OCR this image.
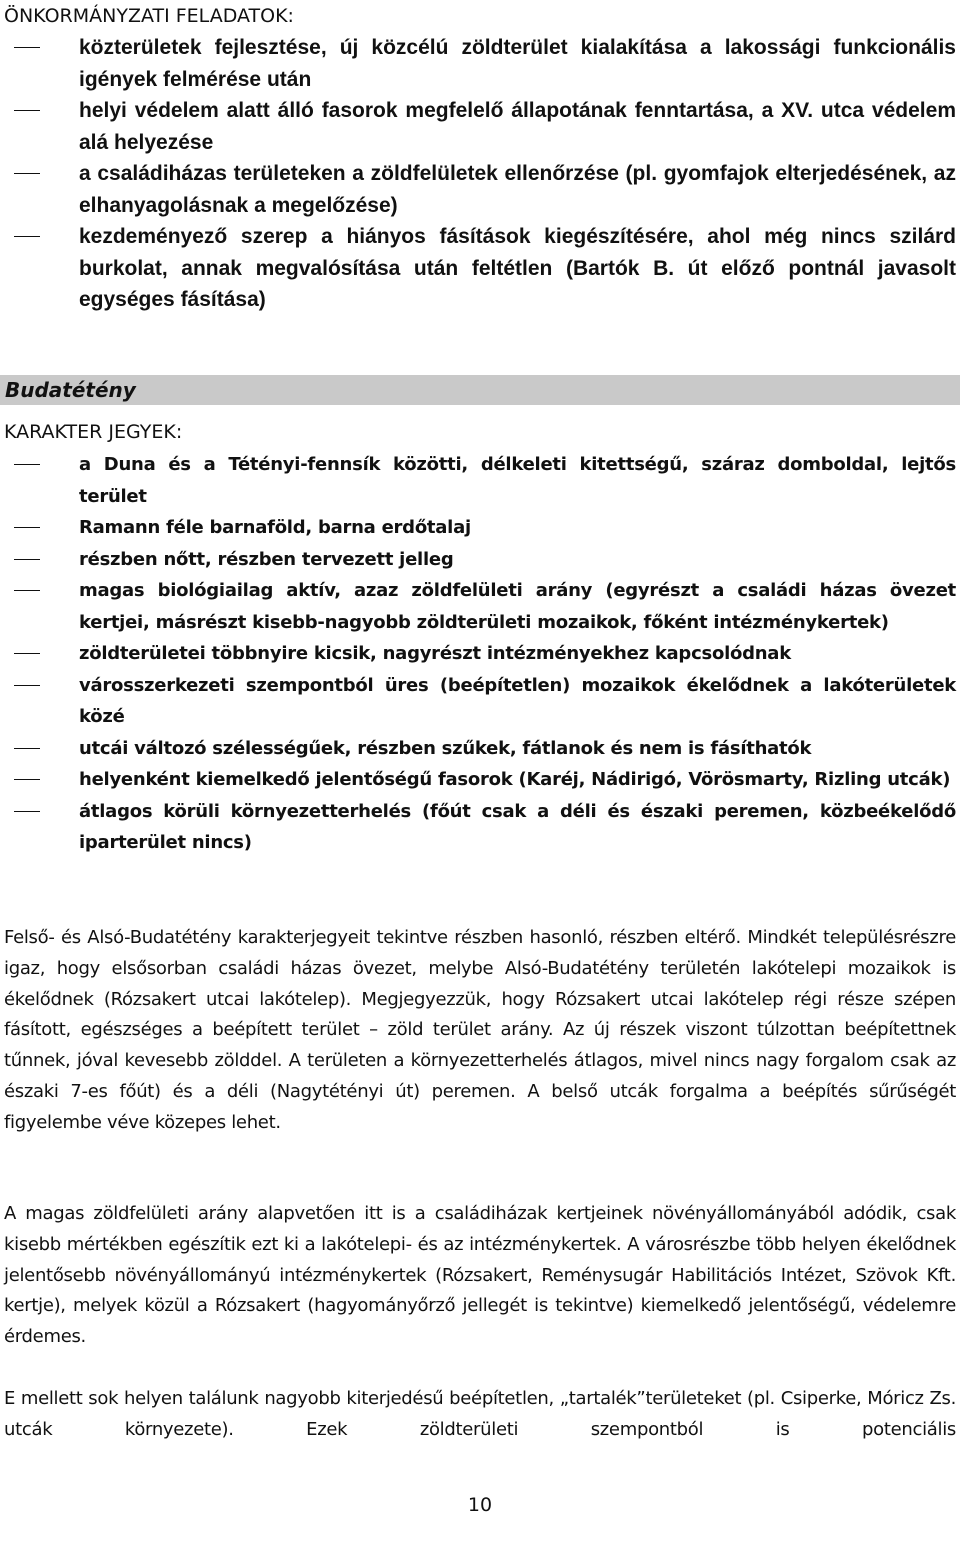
ÖNKORMÁNYZATI FELADATOK:

közterületek fejlesztése, új közcélú zöldterület kialakítása a lakossági funkcionális igények felmérése után
helyi védelem alatt álló fasorok megfelelő állapotának fenntartása, a XV. utca védelem alá helyezése
a családiházas területeken a zöldfelületek ellenőrzése (pl. gyomfajok elterjedésének, az elhanyagolásnak a megelőzése)
kezdeményező szerep a hiányos fásítások kiegészítésére, ahol még nincs szilárd burkolat, annak megvalósítása után feltétlen (Bartók B. út előző pontnál javasolt egységes fásítása)

Budatétény

KARAKTER JEGYEK:

a Duna és a Tétényi-fennsík közötti, délkeleti kitettségű, száraz domboldal, lejtős terület
Ramann féle barnaföld, barna erdőtalaj
részben nőtt, részben tervezett jelleg
magas biológiailag aktív, azaz zöldfelületi arány (egyrészt a családi házas övezet kertjei, másrészt kisebb-nagyobb zöldterületi mozaikok, főként intézménykertek)
zöldterületei többnyire kicsik, nagyrészt intézményekhez kapcsolódnak
városszerkezeti szempontból üres (beépítetlen) mozaikok ékelődnek a lakóterületek közé
utcái változó szélességűek, részben szűkek, fátlanok és nem is fásíthatók
helyenként kiemelkedő jelentőségű fasorok (Karéj, Nádirigó, Vörösmarty, Rizling utcák)
átlagos körüli környezetterhelés (főút csak a déli és északi peremen, közbeékelődő iparterület nincs)

Felső- és Alsó-Budatétény karakterjegyeit tekintve részben hasonló, részben eltérő. Mindkét településrészre igaz, hogy elsősorban családi házas övezet, melybe Alsó-Budatétény területén lakótelepi mozaikok is ékelődnek (Rózsakert utcai lakótelep). Megjegyezzük, hogy Rózsakert utcai lakótelep régi része szépen fásított, egészséges a beépített terület – zöld terület arány. Az új részek viszont túlzottan beépítettnek tűnnek, jóval kevesebb zölddel. A területen a környezetterhelés átlagos, mivel nincs nagy forgalom csak az északi 7-es főút) és a déli (Nagytétényi út) peremen. A belső utcák forgalma a beépítés sűrűségét figyelembe véve közepes lehet.

A magas zöldfelületi arány alapvetően itt is a családiházak kertjeinek növényállományából adódik, csak kisebb mértékben egészítik ezt ki a lakótelepi- és az intézménykertek. A városrészbe több helyen ékelődnek jelentősebb növényállományú intézménykertek (Rózsakert, Reménysugár Habilitációs Intézet, Szövok Kft. kertje), melyek közül a Rózsakert (hagyományőrző jellegét is tekintve) kiemelkedő jelentőségű, védelemre érdemes.

E mellett sok helyen találunk nagyobb kiterjedésű beépítetlen, „tartalék”területeket (pl. Csiperke, Móricz Zs. utcák környezete). Ezek zöldterületi szempontból is potenciális

10
